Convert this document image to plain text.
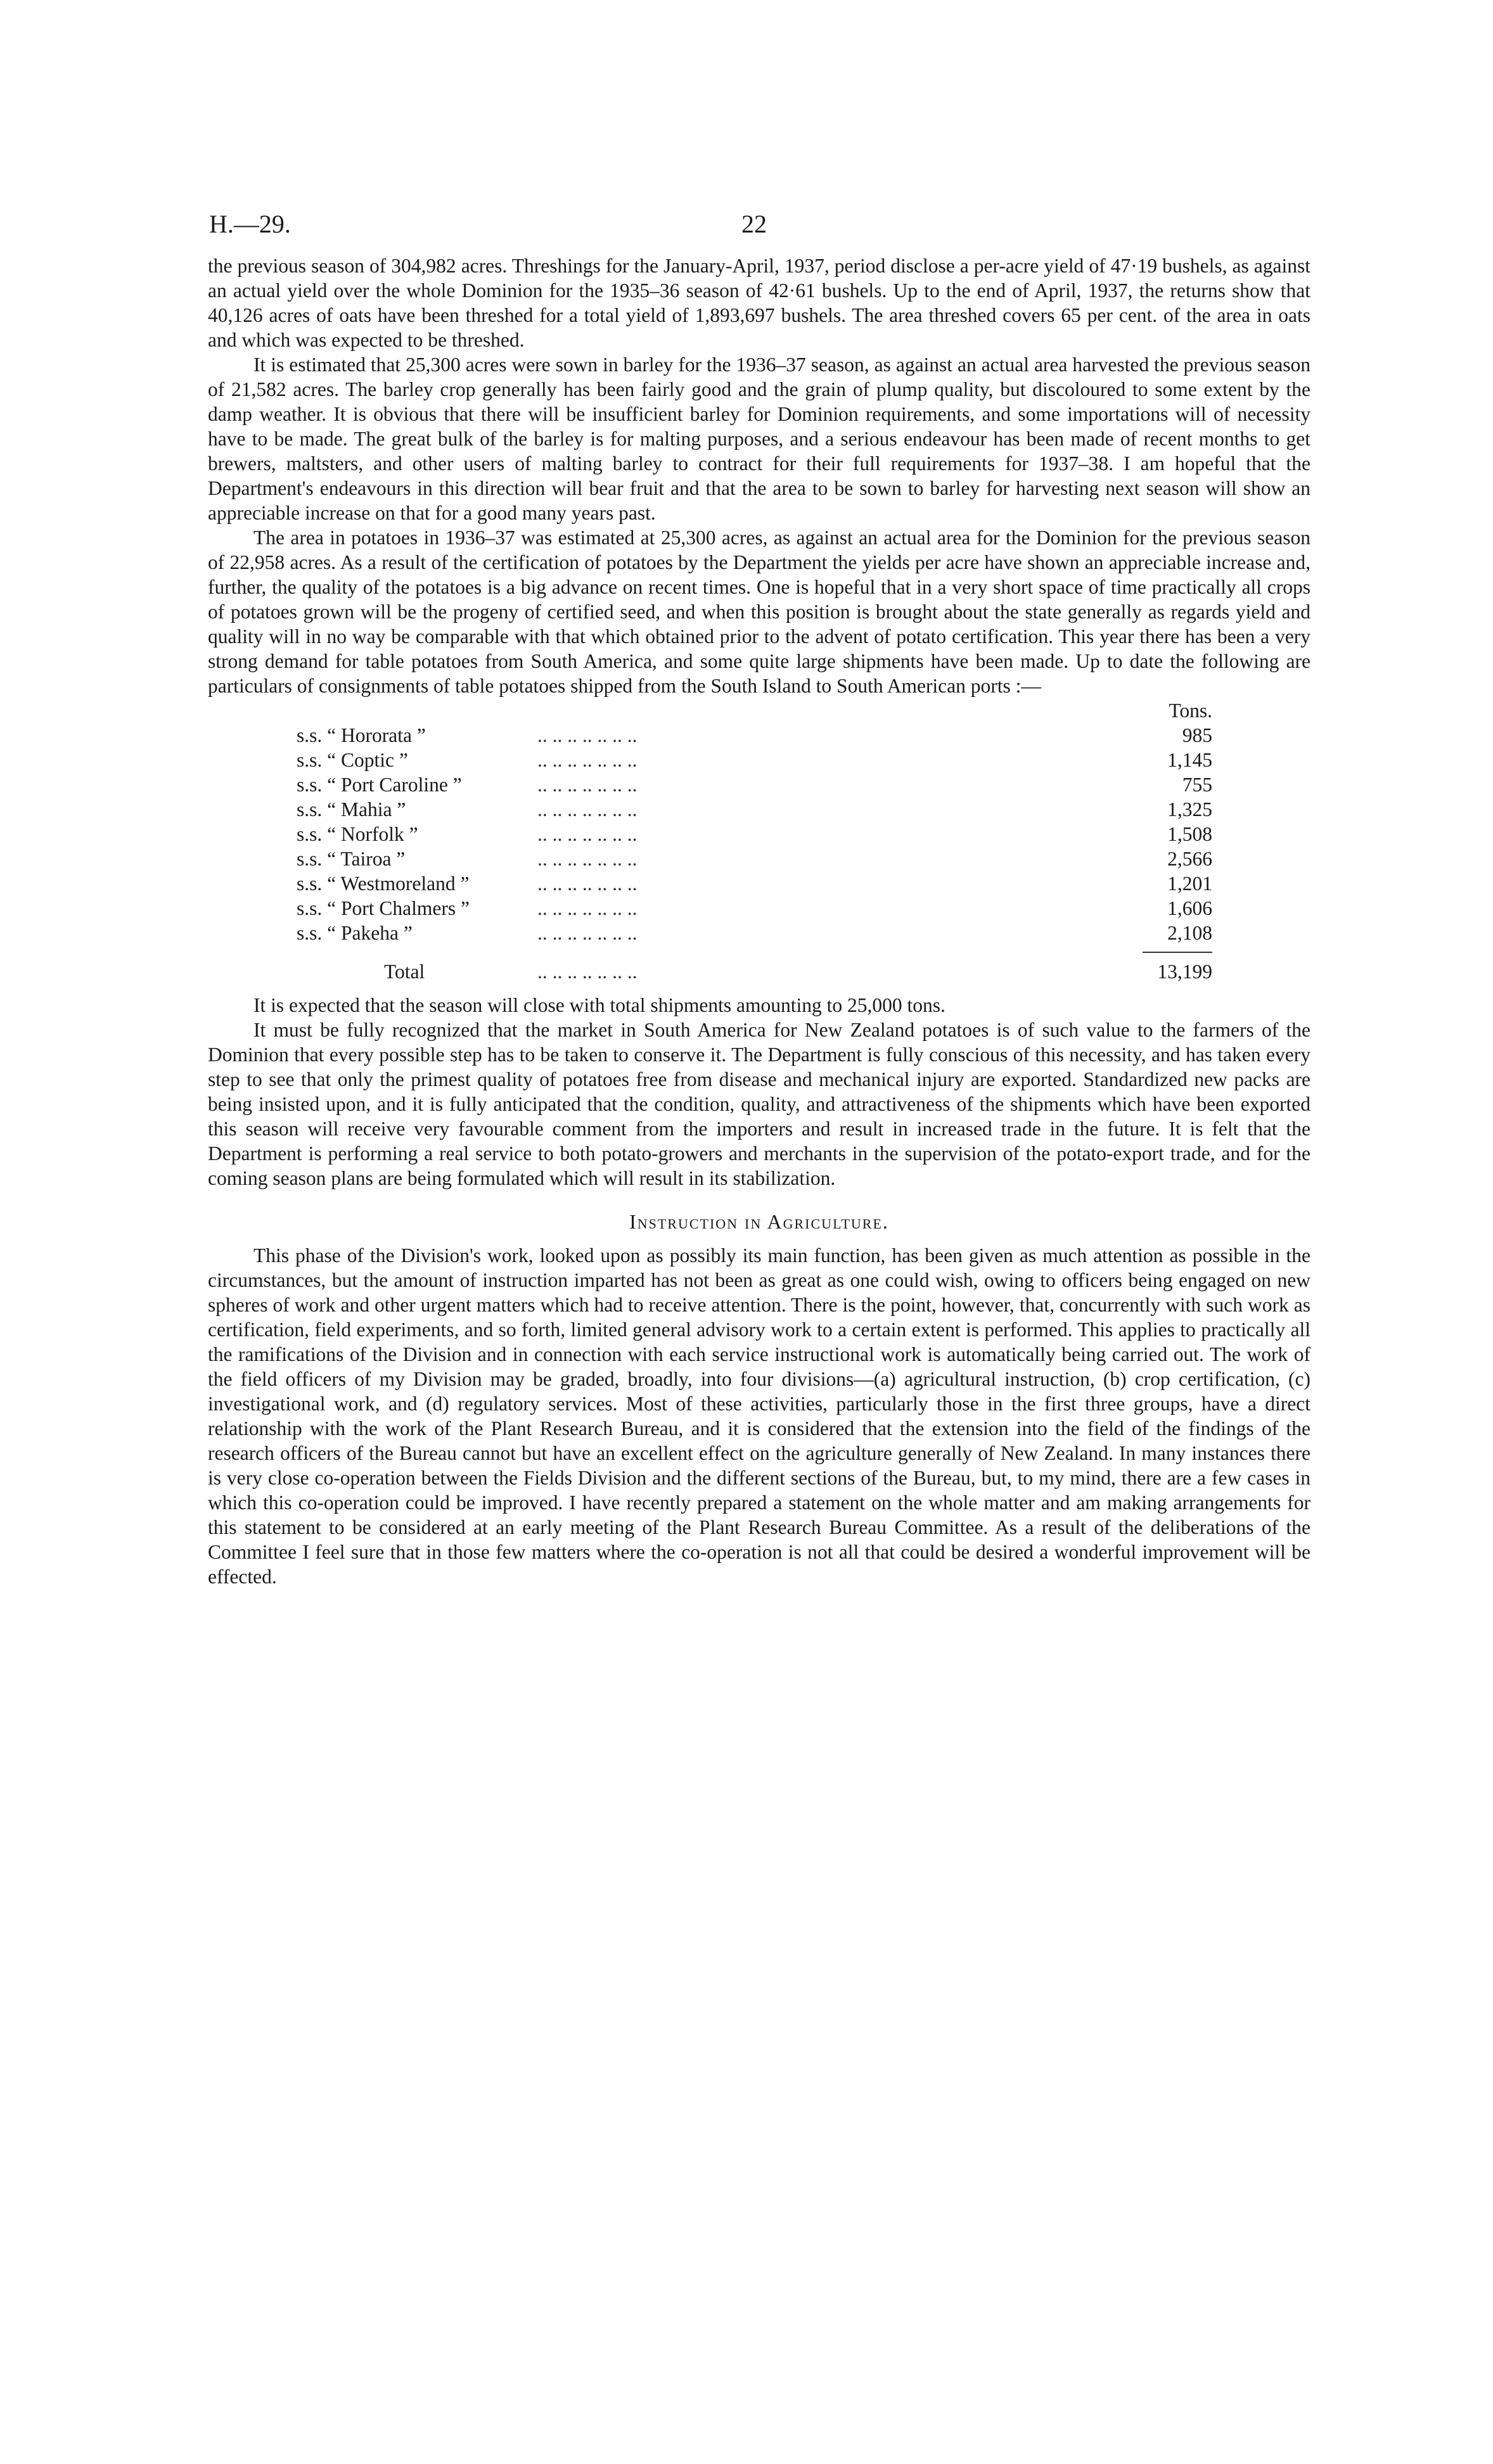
H.—29.	22

the previous season of 304,982 acres. Threshings for the January-April, 1937, period disclose a per-acre yield of 47·19 bushels, as against an actual yield over the whole Dominion for the 1935–36 season of 42·61 bushels. Up to the end of April, 1937, the returns show that 40,126 acres of oats have been threshed for a total yield of 1,893,697 bushels. The area threshed covers 65 per cent. of the area in oats and which was expected to be threshed.

It is estimated that 25,300 acres were sown in barley for the 1936–37 season, as against an actual area harvested the previous season of 21,582 acres. The barley crop generally has been fairly good and the grain of plump quality, but discoloured to some extent by the damp weather. It is obvious that there will be insufficient barley for Dominion requirements, and some importations will of necessity have to be made. The great bulk of the barley is for malting purposes, and a serious endeavour has been made of recent months to get brewers, maltsters, and other users of malting barley to contract for their full requirements for 1937–38. I am hopeful that the Department's endeavours in this direction will bear fruit and that the area to be sown to barley for harvesting next season will show an appreciable increase on that for a good many years past.

The area in potatoes in 1936–37 was estimated at 25,300 acres, as against an actual area for the Dominion for the previous season of 22,958 acres. As a result of the certification of potatoes by the Department the yields per acre have shown an appreciable increase and, further, the quality of the potatoes is a big advance on recent times. One is hopeful that in a very short space of time practically all crops of potatoes grown will be the progeny of certified seed, and when this position is brought about the state generally as regards yield and quality will in no way be comparable with that which obtained prior to the advent of potato certification. This year there has been a very strong demand for table potatoes from South America, and some quite large shipments have been made. Up to date the following are particulars of consignments of table potatoes shipped from the South Island to South American ports :—

Tons.
s.s. “ Hororata ”	.. .. .. .. .. .. ..	985
s.s. “ Coptic ”	.. .. .. .. .. .. ..	1,145
s.s. “ Port Caroline ”	.. .. .. .. .. .. ..	755
s.s. “ Mahia ”	.. .. .. .. .. .. ..	1,325
s.s. “ Norfolk ”	.. .. .. .. .. .. ..	1,508
s.s. “ Tairoa ”	.. .. .. .. .. .. ..	2,566
s.s. “ Westmoreland ”	.. .. .. .. .. .. ..	1,201
s.s. “ Port Chalmers ”	.. .. .. .. .. .. ..	1,606
s.s. “ Pakeha ”	.. .. .. .. .. .. ..	2,108
Total	.. .. .. .. .. .. ..	13,199

It is expected that the season will close with total shipments amounting to 25,000 tons.

It must be fully recognized that the market in South America for New Zealand potatoes is of such value to the farmers of the Dominion that every possible step has to be taken to conserve it. The Department is fully conscious of this necessity, and has taken every step to see that only the primest quality of potatoes free from disease and mechanical injury are exported. Standardized new packs are being insisted upon, and it is fully anticipated that the condition, quality, and attractiveness of the shipments which have been exported this season will receive very favourable comment from the importers and result in increased trade in the future. It is felt that the Department is performing a real service to both potato-growers and merchants in the supervision of the potato-export trade, and for the coming season plans are being formulated which will result in its stabilization.

Instruction in Agriculture.

This phase of the Division's work, looked upon as possibly its main function, has been given as much attention as possible in the circumstances, but the amount of instruction imparted has not been as great as one could wish, owing to officers being engaged on new spheres of work and other urgent matters which had to receive attention. There is the point, however, that, concurrently with such work as certification, field experiments, and so forth, limited general advisory work to a certain extent is performed. This applies to practically all the ramifications of the Division and in connection with each service instructional work is automatically being carried out. The work of the field officers of my Division may be graded, broadly, into four divisions—(a) agricultural instruction, (b) crop certification, (c) investigational work, and (d) regulatory services. Most of these activities, particularly those in the first three groups, have a direct relationship with the work of the Plant Research Bureau, and it is considered that the extension into the field of the findings of the research officers of the Bureau cannot but have an excellent effect on the agriculture generally of New Zealand. In many instances there is very close co-operation between the Fields Division and the different sections of the Bureau, but, to my mind, there are a few cases in which this co-operation could be improved. I have recently prepared a statement on the whole matter and am making arrangements for this statement to be considered at an early meeting of the Plant Research Bureau Committee. As a result of the deliberations of the Committee I feel sure that in those few matters where the co-operation is not all that could be desired a wonderful improvement will be effected.
